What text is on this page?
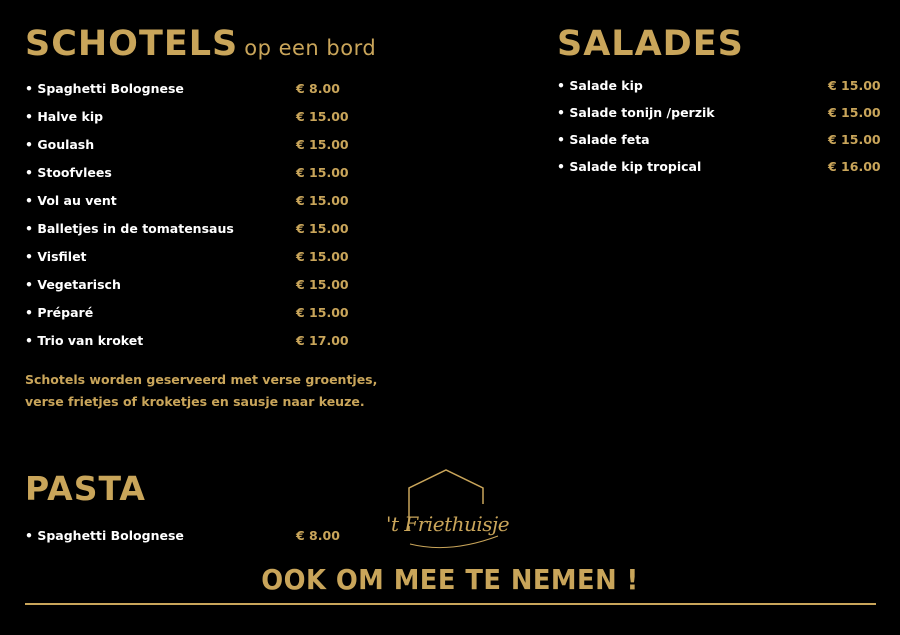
SCHOTELS op een bord
• Spaghetti Bolognese	€ 8.00
• Halve kip	€ 15.00
• Goulash	€ 15.00
• Stoofvlees	€ 15.00
• Vol au vent	€ 15.00
• Balletjes in de tomatensaus	€ 15.00
• Visfilet	€ 15.00
• Vegetarisch	€ 15.00
• Préparé	€ 15.00
• Trio van kroket	€ 17.00
Schotels worden geserveerd met verse groentjes,
verse frietjes of kroketjes en sausje naar keuze.
SALADES
• Salade kip	€ 15.00
• Salade tonijn /perzik	€ 15.00
• Salade feta	€ 15.00
• Salade kip tropical	€ 16.00
PASTA
• Spaghetti Bolognese	€ 8.00 't Friethuisje
OOK OM MEE TE NEMEN !
